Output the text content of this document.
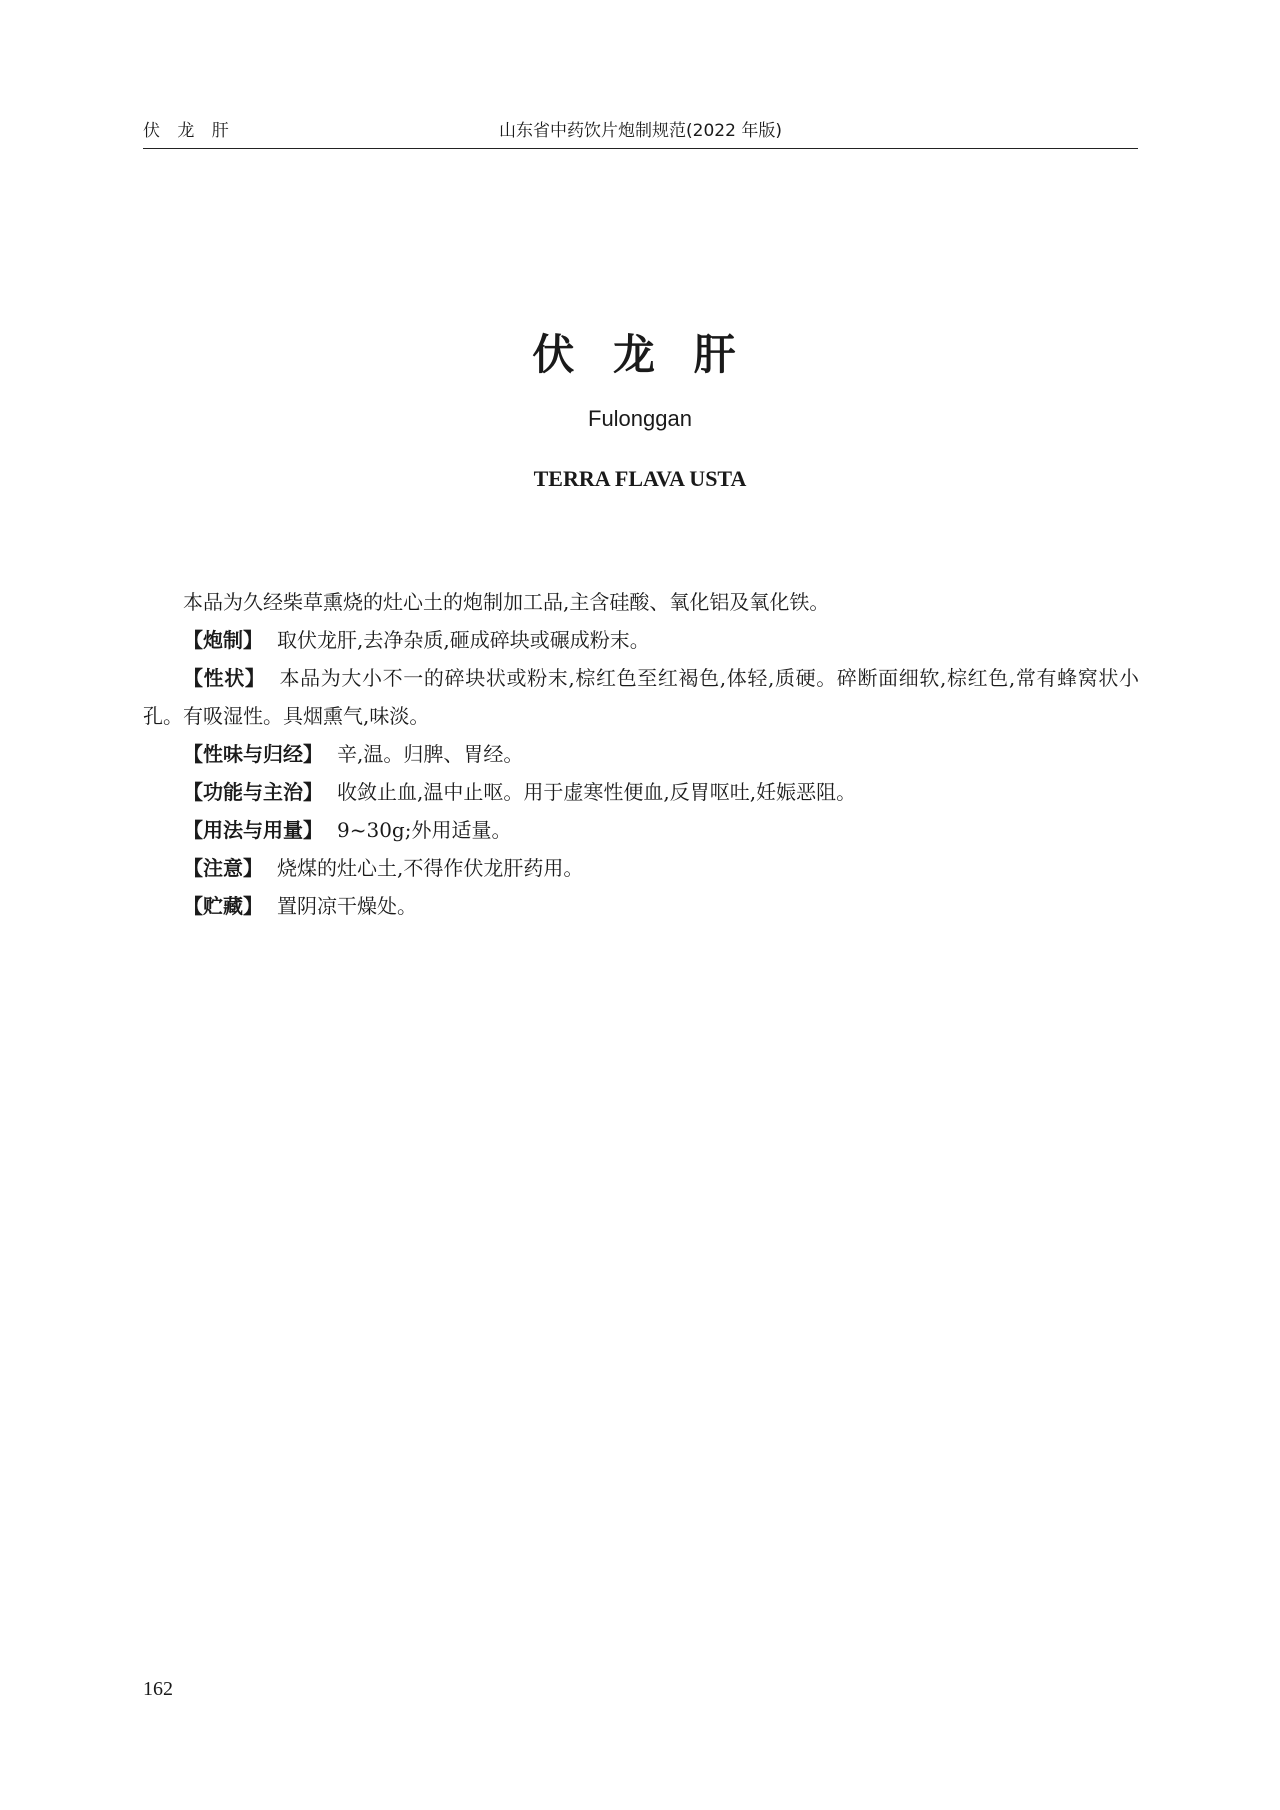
伏 龙 肝	山东省中药饮片炮制规范(2022 年版)
伏 龙 肝
Fulonggan
TERRA FLAVA USTA

本品为久经柴草熏烧的灶心土的炮制加工品,主含硅酸、氧化铝及氧化铁。

【炮制】 取伏龙肝,去净杂质,砸成碎块或碾成粉末。

【性状】 本品为大小不一的碎块状或粉末,棕红色至红褐色,体轻,质硬。碎断面细软,棕红色,常有蜂窝状小孔。有吸湿性。具烟熏气,味淡。

【性味与归经】 辛,温。归脾、胃经。

【功能与主治】 收敛止血,温中止呕。用于虚寒性便血,反胃呕吐,妊娠恶阻。

【用法与用量】 9~30g;外用适量。

【注意】 烧煤的灶心土,不得作伏龙肝药用。

【贮藏】 置阴凉干燥处。

162
